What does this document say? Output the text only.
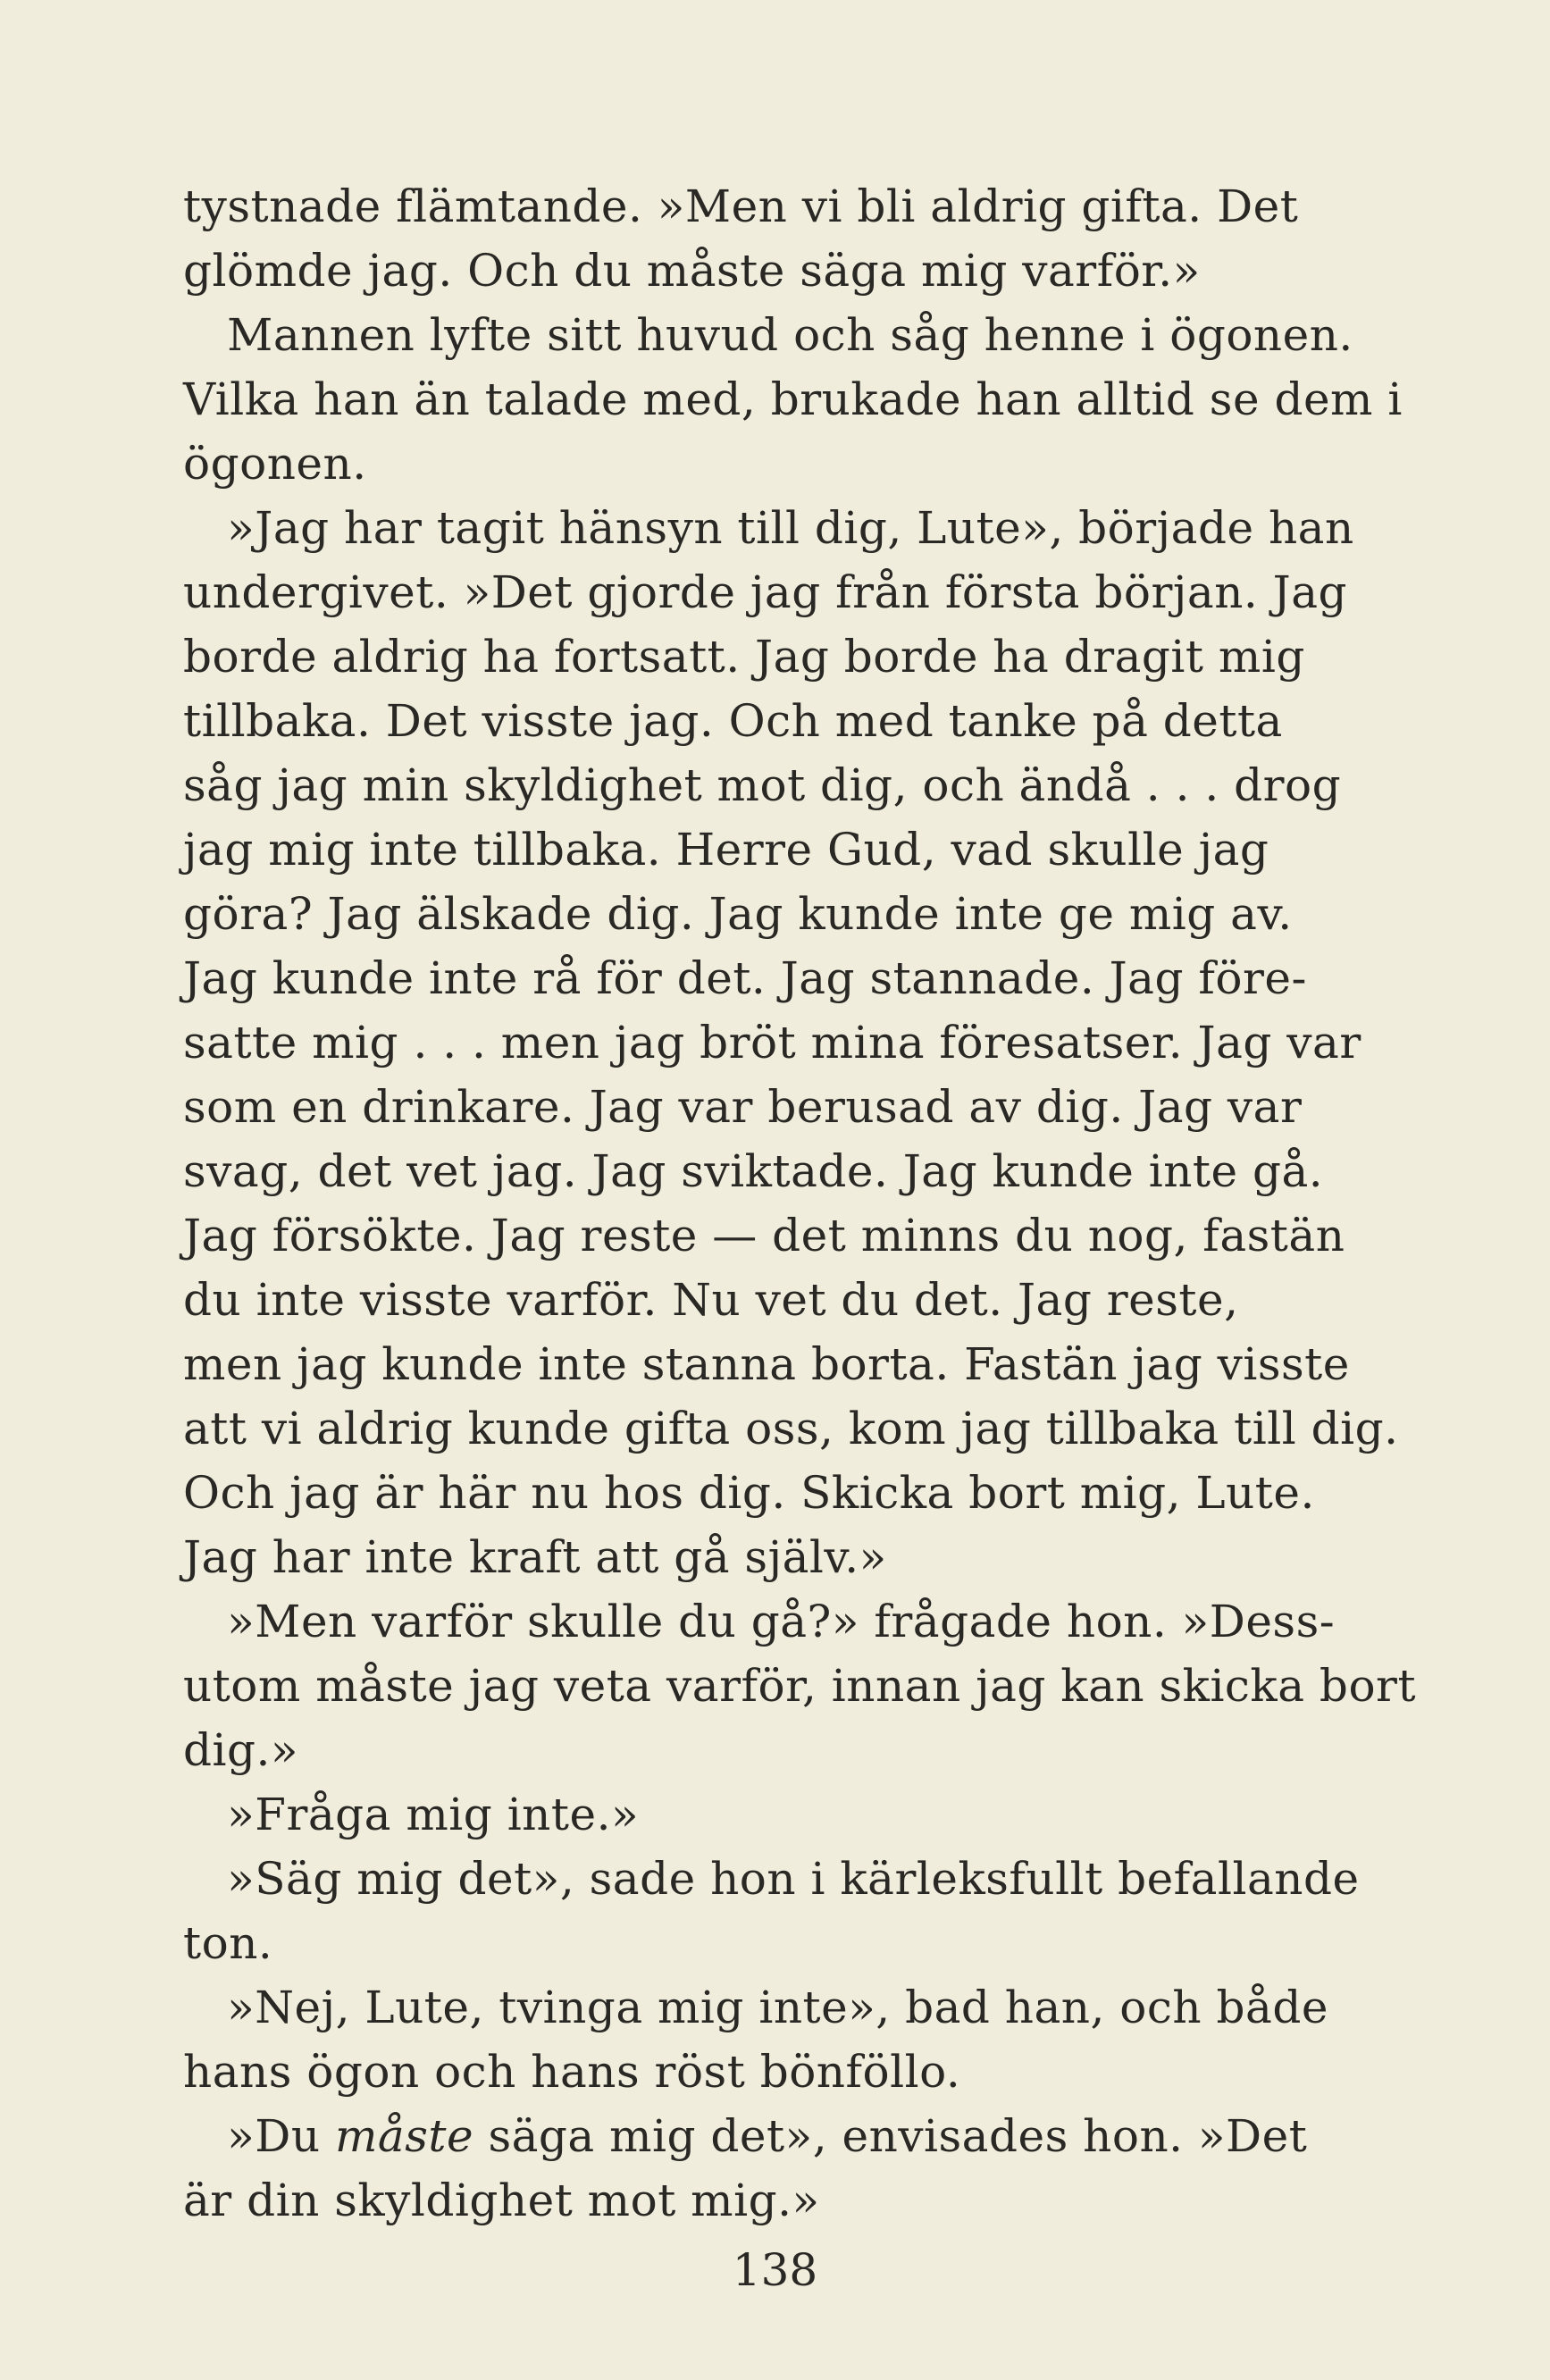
tystnade flämtande. »Men vi bli aldrig gifta. Det
glömde jag. Och du måste säga mig varför.»
Mannen lyfte sitt huvud och såg henne i ögonen.
Vilka han än talade med, brukade han alltid se dem i
ögonen.
»Jag har tagit hänsyn till dig, Lute», började han
undergivet. »Det gjorde jag från första början. Jag
borde aldrig ha fortsatt. Jag borde ha dragit mig
tillbaka. Det visste jag. Och med tanke på detta
såg jag min skyldighet mot dig, och ändå . . . drog
jag mig inte tillbaka. Herre Gud, vad skulle jag
göra? Jag älskade dig. Jag kunde inte ge mig av.
Jag kunde inte rå för det. Jag stannade. Jag före-
satte mig . . . men jag bröt mina föresatser. Jag var
som en drinkare. Jag var berusad av dig. Jag var
svag, det vet jag. Jag sviktade. Jag kunde inte gå.
Jag försökte. Jag reste — det minns du nog, fastän
du inte visste varför. Nu vet du det. Jag reste,
men jag kunde inte stanna borta. Fastän jag visste
att vi aldrig kunde gifta oss, kom jag tillbaka till dig.
Och jag är här nu hos dig. Skicka bort mig, Lute.
Jag har inte kraft att gå själv.»
»Men varför skulle du gå?» frågade hon. »Dess-
utom måste jag veta varför, innan jag kan skicka bort
dig.»
»Fråga mig inte.»
»Säg mig det», sade hon i kärleksfullt befallande
ton.
»Nej, Lute, tvinga mig inte», bad han, och både
hans ögon och hans röst bönföllo.
»Du måste säga mig det», envisades hon. »Det
är din skyldighet mot mig.»
138
